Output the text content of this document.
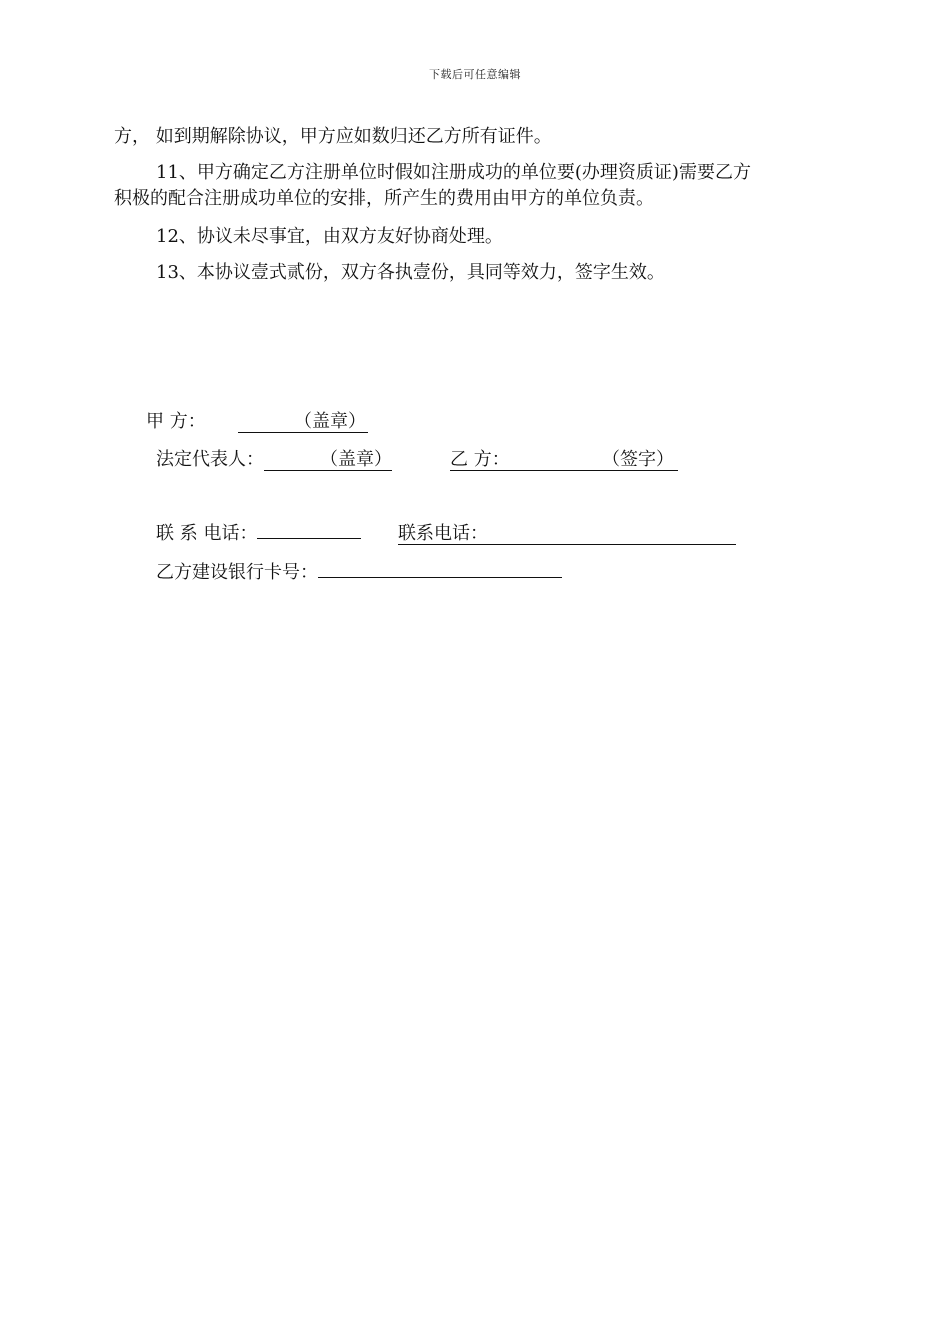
下载后可任意编辑
方， 如到期解除协议，甲方应如数归还乙方所有证件。
11、甲方确定乙方注册单位时假如注册成功的单位要(办理资质证)需要乙方
积极的配合注册成功单位的安排，所产生的费用由甲方的单位负责。
12、协议未尽事宜，由双方友好协商处理。
13、本协议壹式贰份，双方各执壹份，具同等效力，签字生效。
甲 方：	（盖章）
法定代表人：	（盖章）	乙 方：	（签字）
联 系 电话：	联系电话：
乙方建设银行卡号：
